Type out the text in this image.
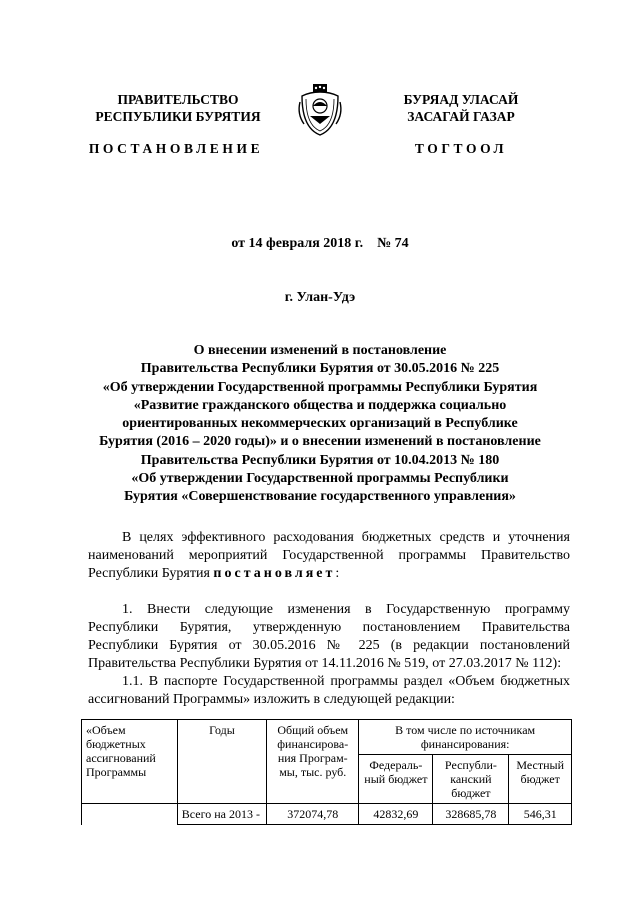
ПРАВИТЕЛЬСТВО
РЕСПУБЛИКИ БУРЯТИЯ
БУРЯАД УЛАСАЙ
ЗАСАГАЙ ГАЗАР
ПОСТАНОВЛЕНИЕ	ТОГТООЛ
от 14 февраля 2018 г. № 74
г. Улан-Удэ
О внесении изменений в постановление
Правительства Республики Бурятия от 30.05.2016 № 225
«Об утверждении Государственной программы Республики Бурятия
«Развитие гражданского общества и поддержка социально
ориентированных некоммерческих организаций в Республике
Бурятия (2016 – 2020 годы)» и о внесении изменений в постановление
Правительства Республики Бурятия от 10.04.2013 № 180
«Об утверждении Государственной программы Республики
Бурятия «Совершенствование государственного управления»
В целях эффективного расходования бюджетных средств и уточнения наименований мероприятий Государственной программы Правительство Республики Бурятия постановляет:
1. Внести следующие изменения в Государственную программу Республики Бурятия, утвержденную постановлением Правительства Республики Бурятия от 30.05.2016 № 225 (в редакции постановлений Правительства Республики Бурятия от 14.11.2016 № 519, от 27.03.2017 № 112):
1.1. В паспорте Государственной программы раздел «Объем бюджетных ассигнований Программы» изложить в следующей редакции:
«Объем бюджетных ассигнований Программы	Годы	Общий объем финансирова-ния Програм-мы, тыс. руб.	В том числе по источникам финансирования:		
			Федераль-ный бюджет	Республи-канский бюджет	Местный бюджет
	Всего на 2013 -	372074,78	42832,69	328685,78	546,31
